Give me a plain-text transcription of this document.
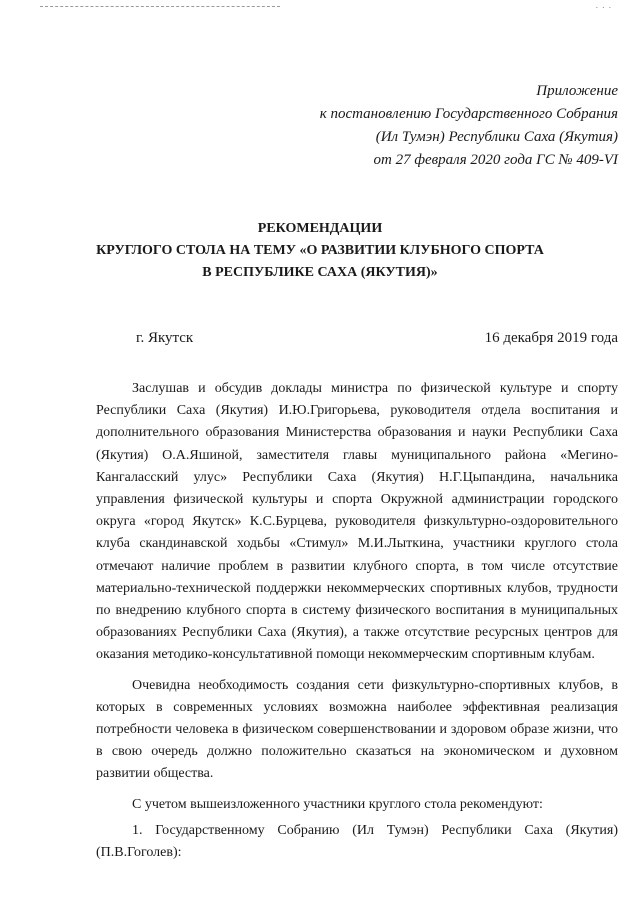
. . .
Приложение
к постановлению Государственного Собрания
(Ил Тумэн) Республики Саха (Якутия)
от 27 февраля 2020 года ГС № 409-VI
РЕКОМЕНДАЦИИ
КРУГЛОГО СТОЛА НА ТЕМУ «О РАЗВИТИИ КЛУБНОГО СПОРТА
В РЕСПУБЛИКЕ САХА (ЯКУТИЯ)»
г. Якутск	16 декабря 2019 года

Заслушав и обсудив доклады министра по физической культуре и спорту Республики Саха (Якутия) И.Ю.Григорьева, руководителя отдела воспитания и дополнительного образования Министерства образования и науки Республики Саха (Якутия) О.А.Яшиной, заместителя главы муниципального района «Мегино-Кангаласский улус» Республики Саха (Якутия) Н.Г.Цыпандина, начальника управления физической культуры и спорта Окружной администрации городского округа «город Якутск» К.С.Бурцева, руководителя физкультурно-оздоровительного клуба скандинавской ходьбы «Стимул» М.И.Лыткина, участники круглого стола отмечают наличие проблем в развитии клубного спорта, в том числе отсутствие материально-технической поддержки некоммерческих спортивных клубов, трудности по внедрению клубного спорта в систему физического воспитания в муниципальных образованиях Республики Саха (Якутия), а также отсутствие ресурсных центров для оказания методико-консультативной помощи некоммерческим спортивным клубам.

Очевидна необходимость создания сети физкультурно-спортивных клубов, в которых в современных условиях возможна наиболее эффективная реализация потребности человека в физическом совершенствовании и здоровом образе жизни, что в свою очередь должно положительно сказаться на экономическом и духовном развитии общества.

С учетом вышеизложенного участники круглого стола рекомендуют:

1. Государственному Собранию (Ил Тумэн) Республики Саха (Якутия) (П.В.Гоголев):
